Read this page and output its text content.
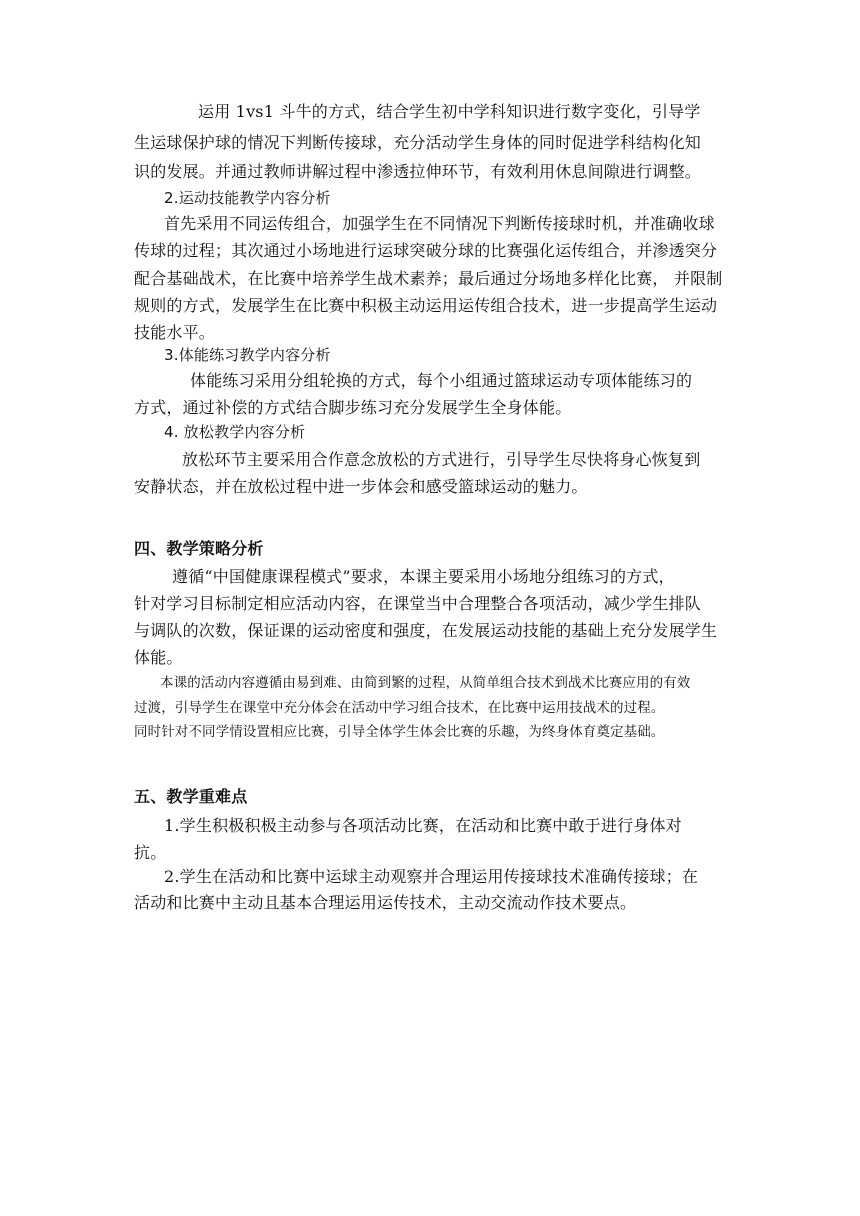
运用 1vs1 斗牛的方式，结合学生初中学科知识进行数字变化，引导学
生运球保护球的情况下判断传接球，充分活动学生身体的同时促进学科结构化知
识的发展。并通过教师讲解过程中渗透拉伸环节，有效利用休息间隙进行调整。
2.运动技能教学内容分析
首先采用不同运传组合，加强学生在不同情况下判断传接球时机，并准确收球
传球的过程；其次通过小场地进行运球突破分球的比赛强化运传组合，并渗透突分
配合基础战术，在比赛中培养学生战术素养；最后通过分场地多样化比赛， 并限制
规则的方式，发展学生在比赛中积极主动运用运传组合技术，进一步提高学生运动
技能水平。
3.体能练习教学内容分析
体能练习采用分组轮换的方式，每个小组通过篮球运动专项体能练习的
方式，通过补偿的方式结合脚步练习充分发展学生全身体能。
4. 放松教学内容分析
放松环节主要采用合作意念放松的方式进行，引导学生尽快将身心恢复到
安静状态，并在放松过程中进一步体会和感受篮球运动的魅力。
四、教学策略分析
遵循“中国健康课程模式”要求，本课主要采用小场地分组练习的方式，
针对学习目标制定相应活动内容，在课堂当中合理整合各项活动，减少学生排队
与调队的次数，保证课的运动密度和强度，在发展运动技能的基础上充分发展学生
体能。
本课的活动内容遵循由易到难、由简到繁的过程，从简单组合技术到战术比赛应用的有效
过渡，引导学生在课堂中充分体会在活动中学习组合技术，在比赛中运用技战术的过程。
同时针对不同学情设置相应比赛，引导全体学生体会比赛的乐趣，为终身体育奠定基础。
五、教学重难点
1.学生积极积极主动参与各项活动比赛，在活动和比赛中敢于进行身体对
抗。
2.学生在活动和比赛中运球主动观察并合理运用传接球技术准确传接球；在
活动和比赛中主动且基本合理运用运传技术，主动交流动作技术要点。
